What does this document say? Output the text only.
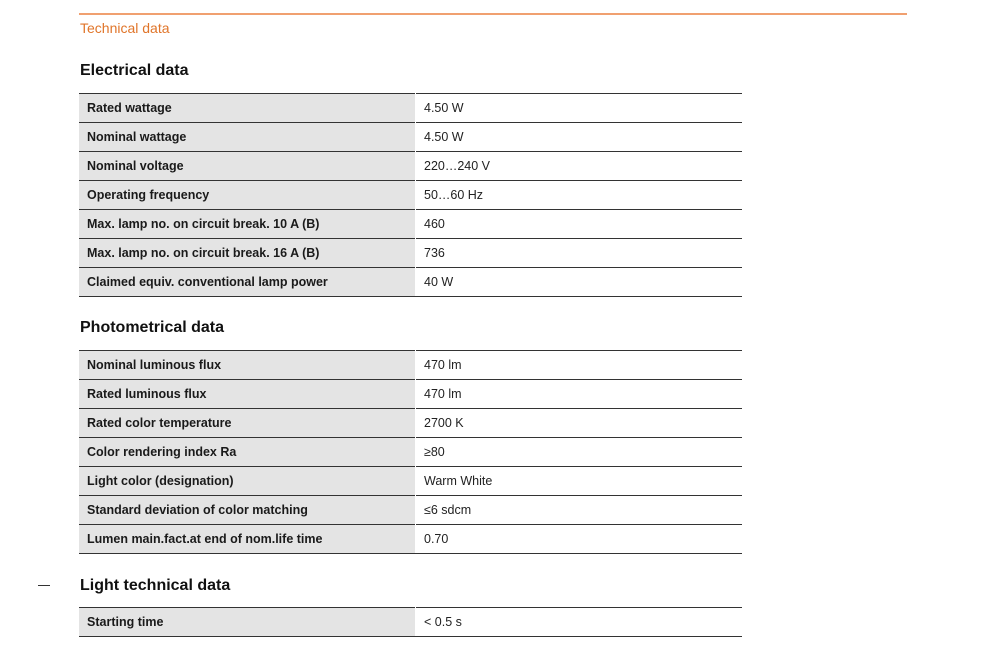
Technical data
Electrical data
Rated wattage	4.50 W
Nominal wattage	4.50 W
Nominal voltage	220…240 V
Operating frequency	50…60 Hz
Max. lamp no. on circuit break. 10 A (B)	460
Max. lamp no. on circuit break. 16 A (B)	736
Claimed equiv. conventional lamp power	40 W
Photometrical data
Nominal luminous flux	470 lm
Rated luminous flux	470 lm
Rated color temperature	2700 K
Color rendering index Ra	≥80
Light color (designation)	Warm White
Standard deviation of color matching	≤6 sdcm
Lumen main.fact.at end of nom.life time	0.70
Light technical data
Starting time	< 0.5 s
